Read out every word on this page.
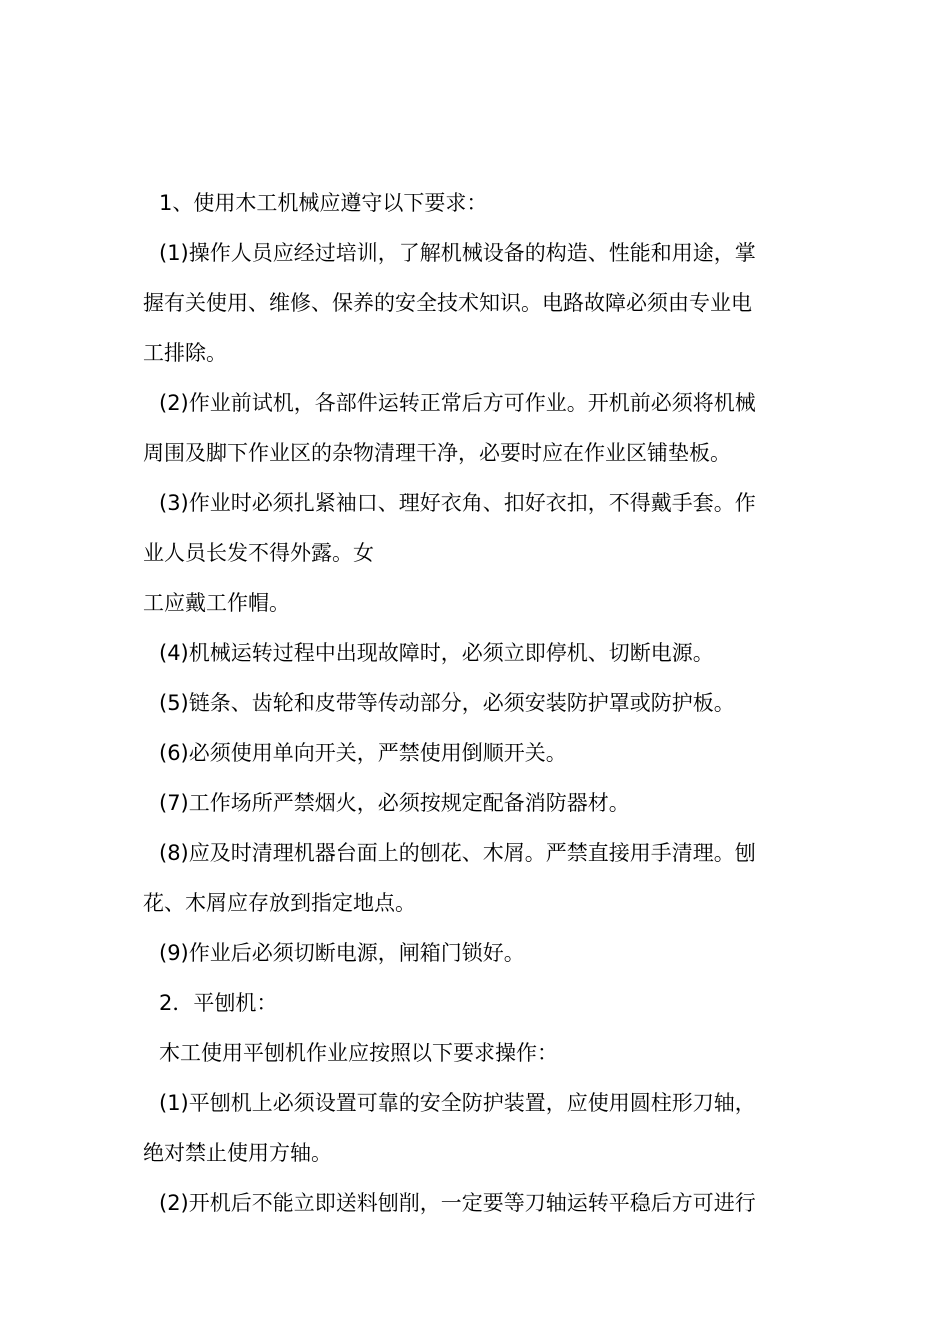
1、使用木工机械应遵守以下要求：
(1)操作人员应经过培训，了解机械设备的构造、性能和用途，掌
握有关使用、维修、保养的安全技术知识。电路故障必须由专业电
工排除。
(2)作业前试机，各部件运转正常后方可作业。开机前必须将机械
周围及脚下作业区的杂物清理干净，必要时应在作业区铺垫板。
(3)作业时必须扎紧袖口、理好衣角、扣好衣扣，不得戴手套。作
业人员长发不得外露。女
工应戴工作帽。
(4)机械运转过程中出现故障时，必须立即停机、切断电源。
(5)链条、齿轮和皮带等传动部分，必须安装防护罩或防护板。
(6)必须使用单向开关，严禁使用倒顺开关。
(7)工作场所严禁烟火，必须按规定配备消防器材。
(8)应及时清理机器台面上的刨花、木屑。严禁直接用手清理。刨
花、木屑应存放到指定地点。
(9)作业后必须切断电源，闸箱门锁好。
2．平刨机：
木工使用平刨机作业应按照以下要求操作：
(1)平刨机上必须设置可靠的安全防护装置，应使用圆柱形刀轴，
绝对禁止使用方轴。
(2)开机后不能立即送料刨削，一定要等刀轴运转平稳后方可进行
